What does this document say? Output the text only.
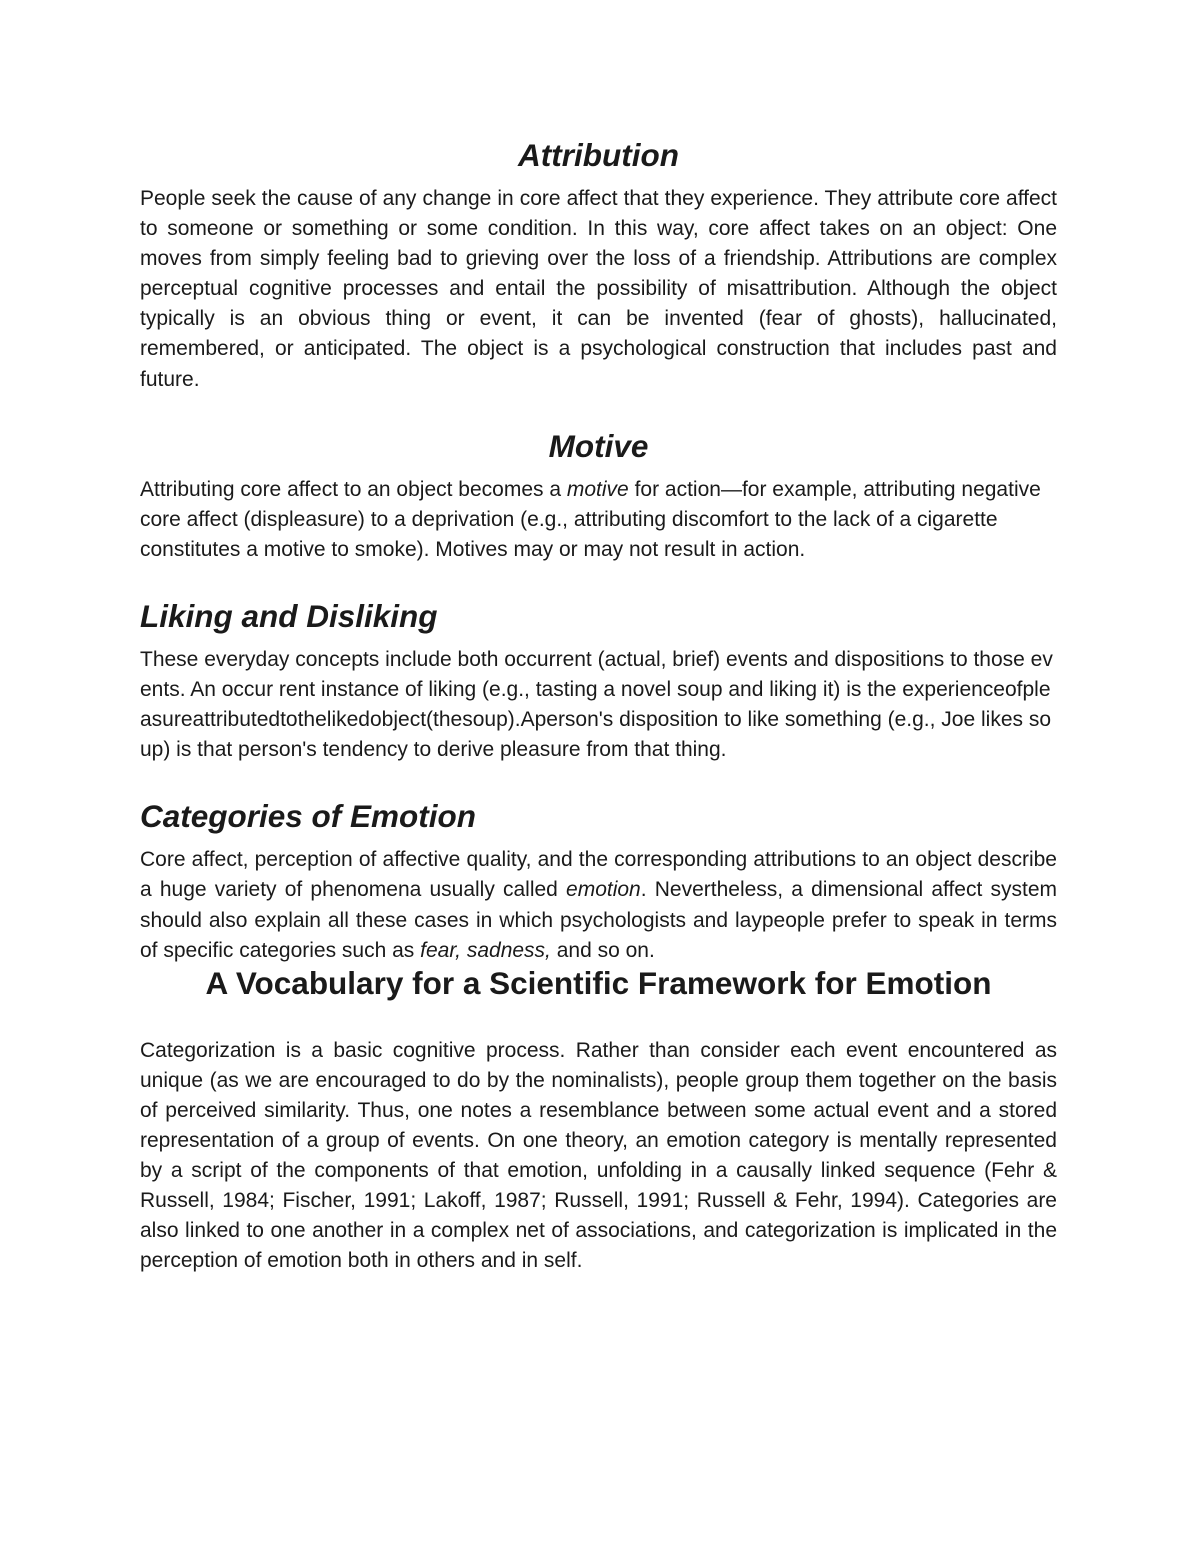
Attribution

People seek the cause of any change in core affect that they experience. They attribute core affect to someone or something or some condition. In this way, core affect takes on an object: One moves from simply feeling bad to grieving over the loss of a friendship. Attributions are complex perceptual cognitive processes and entail the possibility of misattribution. Although the object typically is an obvious thing or event, it can be invented (fear of ghosts), hallucinated, remembered, or anticipated. The object is a psychological construction that includes past and future.

Motive

Attributing core affect to an object becomes a motive for action—for example, attributing negative core affect (displeasure) to a deprivation (e.g., attributing discomfort to the lack of a cigarette constitutes a motive to smoke). Motives may or may not result in action.

Liking and Disliking

These everyday concepts include both occurrent (actual, brief) events and dispositions to those events. An occur rent instance of liking (e.g., tasting a novel soup and liking it) is the experienceofpleasureattributedtothelikedobject(thesoup).Aperson's disposition to like something (e.g., Joe likes soup) is that person's tendency to derive pleasure from that thing.

Categories of Emotion

Core affect, perception of affective quality, and the corresponding attributions to an object describe a huge variety of phenomena usually called emotion. Nevertheless, a dimensional affect system should also explain all these cases in which psychologists and laypeople prefer to speak in terms of specific categories such as fear, sadness, and so on.

A Vocabulary for a Scientific Framework for Emotion

Categorization is a basic cognitive process. Rather than consider each event encountered as unique (as we are encouraged to do by the nominalists), people group them together on the basis of perceived similarity. Thus, one notes a resemblance between some actual event and a stored representation of a group of events. On one theory, an emotion category is mentally represented by a script of the components of that emotion, unfolding in a causally linked sequence (Fehr & Russell, 1984; Fischer, 1991; Lakoff, 1987; Russell, 1991; Russell & Fehr, 1994). Categories are also linked to one another in a complex net of associations, and categorization is implicated in the perception of emotion both in others and in self.
